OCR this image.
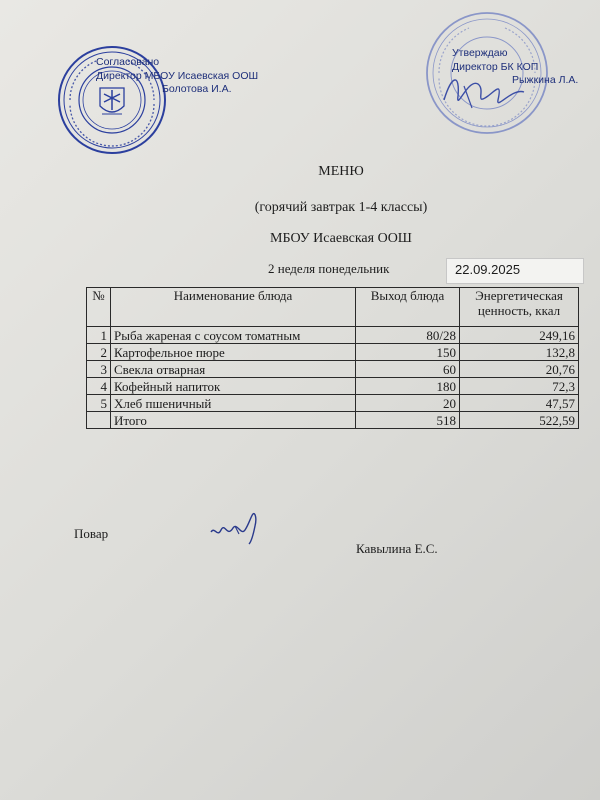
Согласовано
Директор МБОУ Исаевская ООШ
Болотова И.А.
Утверждаю
Директор БК КОП
Рыжкина Л.А.
МЕНЮ
(горячий завтрак 1-4 классы)
МБОУ Исаевская ООШ
2 неделя понедельник	22.09.2025
№	Наименование блюда	Выход блюда	Энергетическая ценность, ккал
1	Рыба жареная с соусом томатным	80/28	249,16
2	Картофельное пюре	150	132,8
3	Свекла отварная	60	20,76
4	Кофейный напиток	180	72,3
5	Хлеб пшеничный	20	47,57
	Итого	518	522,59
Повар
Кавылина Е.С.
